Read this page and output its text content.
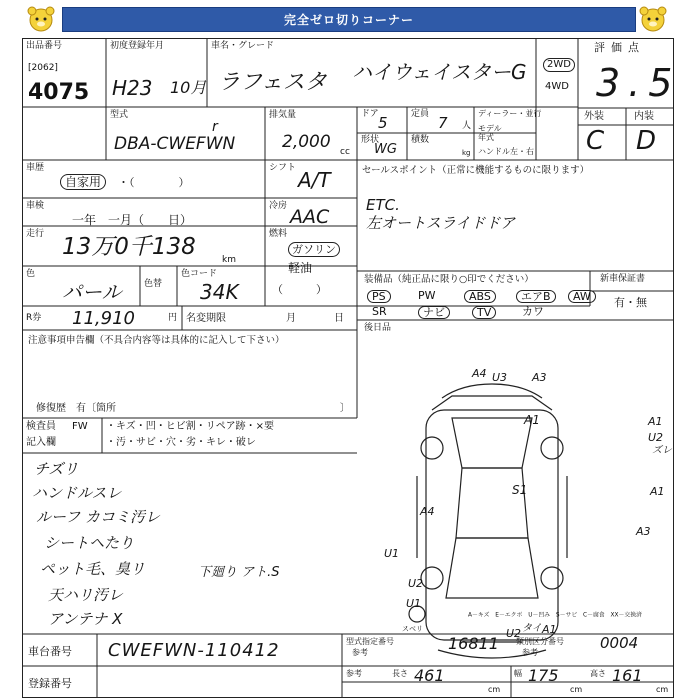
完全ゼロ切りコーナー
出品番号
[2062]
4075
初度登録年月
H23 10月
車名・グレード
ラフェスタ ハイウェイスターG	2WD
4WD
評価点
3.5
外装	内装
C D
型式
r
DBA-CWEFWN
排気量
2,000 cc
ドア 5	定員 7 人
ディーラー・並行
形状
WG
積数
kg
モデル
年式
ハンドル 左・右
車歴
自家用	・（　　　　）
シフト A/T
車検
一年　一月（　　日）
冷房 AAC
走行 13万0千138	km
燃料
ガソリン
軽油
（　　　）
色
パール 色替
色コード
34K
R券 11,910	円 名変期限	月	日
セールスポイント（正常に機能するものに限ります）
ETC.
左オートスライドドア
装備品（純正品に限り○印でください）	新車保証書
有・無
PS	PW	ABS	エアB	AW
SR	ナビ	TV	カワ
後日品
注意事項申告欄（不具合内容等は具体的に記入して下さい）
修復歴　有〔箇所	〕
検査員
記入欄
FW ・キズ・凹・ヒビ割・リペア跡・×要
・汚・サビ・穴・劣・キレ・破レ
チズリ
ハンドルスレ
ルーフ カコミ汚レ
シートヘたり
ペット毛、臭リ
天ハリ汚レ
アンテナ X
下廻り アト.S
A4 U3 A3
A1	A1
U2
ズレ
S1	A1
A4
A3
U1
U2
U1
U2
スベリ	タイ A1
車台番号 CWEFWN-110412
登録番号
型式指定番号
参考	16811 類別区分番号
参考
0004
参考	長さ 461
cm
幅 175
cm
高さ 161
cm
A－キズ　E－エクボ　U－凹み　S－サビ　C－腐食　XX－交換済
